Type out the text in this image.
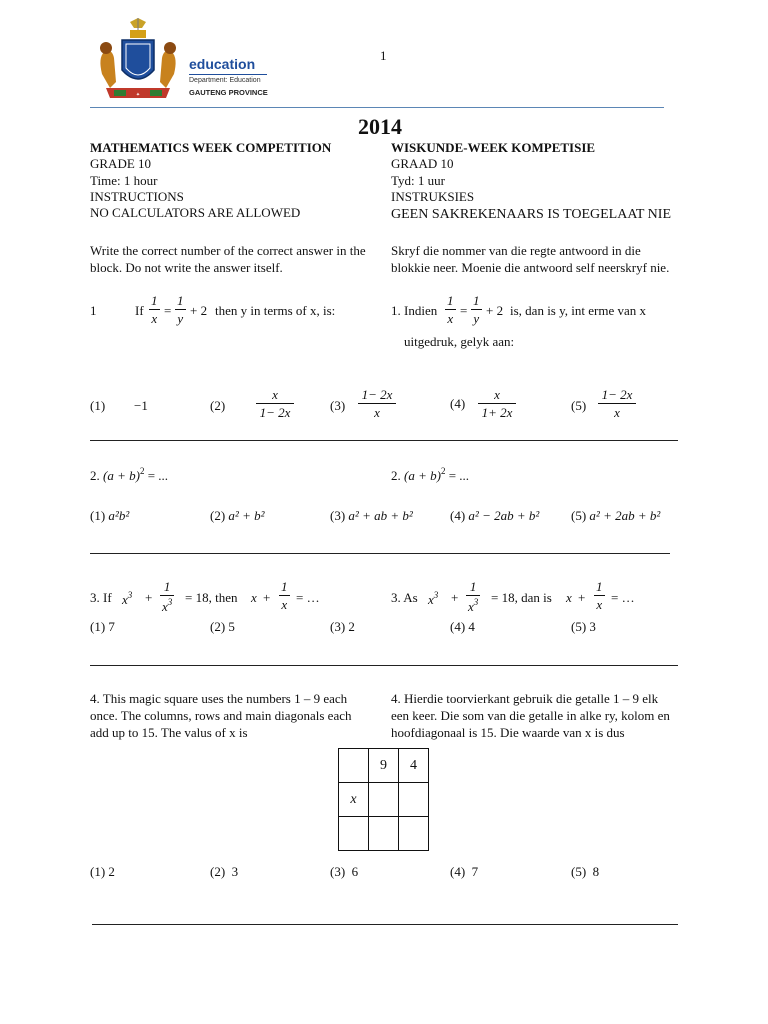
✦
education
Department: Education
GAUTENG PROVINCE
1
2014
MATHEMATICS WEEK COMPETITION
GRADE 10
Time: 1 hour
INSTRUCTIONS
NO CALCULATORS ARE ALLOWED
Write the correct number of the correct answer in the block. Do not write the answer itself.
WISKUNDE-WEEK KOMPETISIE
GRAAD 10
Tyd: 1 uur
INSTRUKSIES
GEEN SAKREKENAARS IS TOEGELAAT NIE
Skryf die nommer van die regte antwoord in die blokkie neer. Moenie die antwoord self neerskryf nie.
1	If $\frac{1}{x} = \frac{1}{y} + 2$ then y in terms of x, is:	1. Indien $\frac{1}{x} = \frac{1}{y} + 2$ is, dan is y, int erme van x
uitgedruk, gelyk aan:
(1) −1	$(2) \frac{x}{1- 2x}$	$(3) \frac{1- 2x}{x}$	$(4) \frac{x}{1+ 2x}$	$(5) \frac{1- 2x}{x}$
2. $(a + b)^2$ = ...	2. $(a + b)^2$ = ...
(1) a²b²	(2) a² + b²	(3) a² + ab + b²	(4) a² − 2ab + b² (5) a² + 2ab + b²
3. If $x^3 + \frac{1}{x^3} = 18$, then $x + \frac{1}{x}$ = …	3. As $x^3 + \frac{1}{x^3} = 18$, dan is $x + \frac{1}{x}$ = …
(1) 7	(2) 5	(3) 2	(4) 4	(5) 3
4. This magic square uses the numbers 1 – 9 each once. The columns, rows and main diagonals each add up to 15. The valus of x is
4. Hierdie toorvierkant gebruik die getalle 1 – 9 elk een keer. Die som van die getalle in alke ry, kolom en hoofdiagonaal is 15. Die waarde van x is dus
	9	4
x		

(1) 2	(2) 3	(3) 6	(4) 7	(5) 8
